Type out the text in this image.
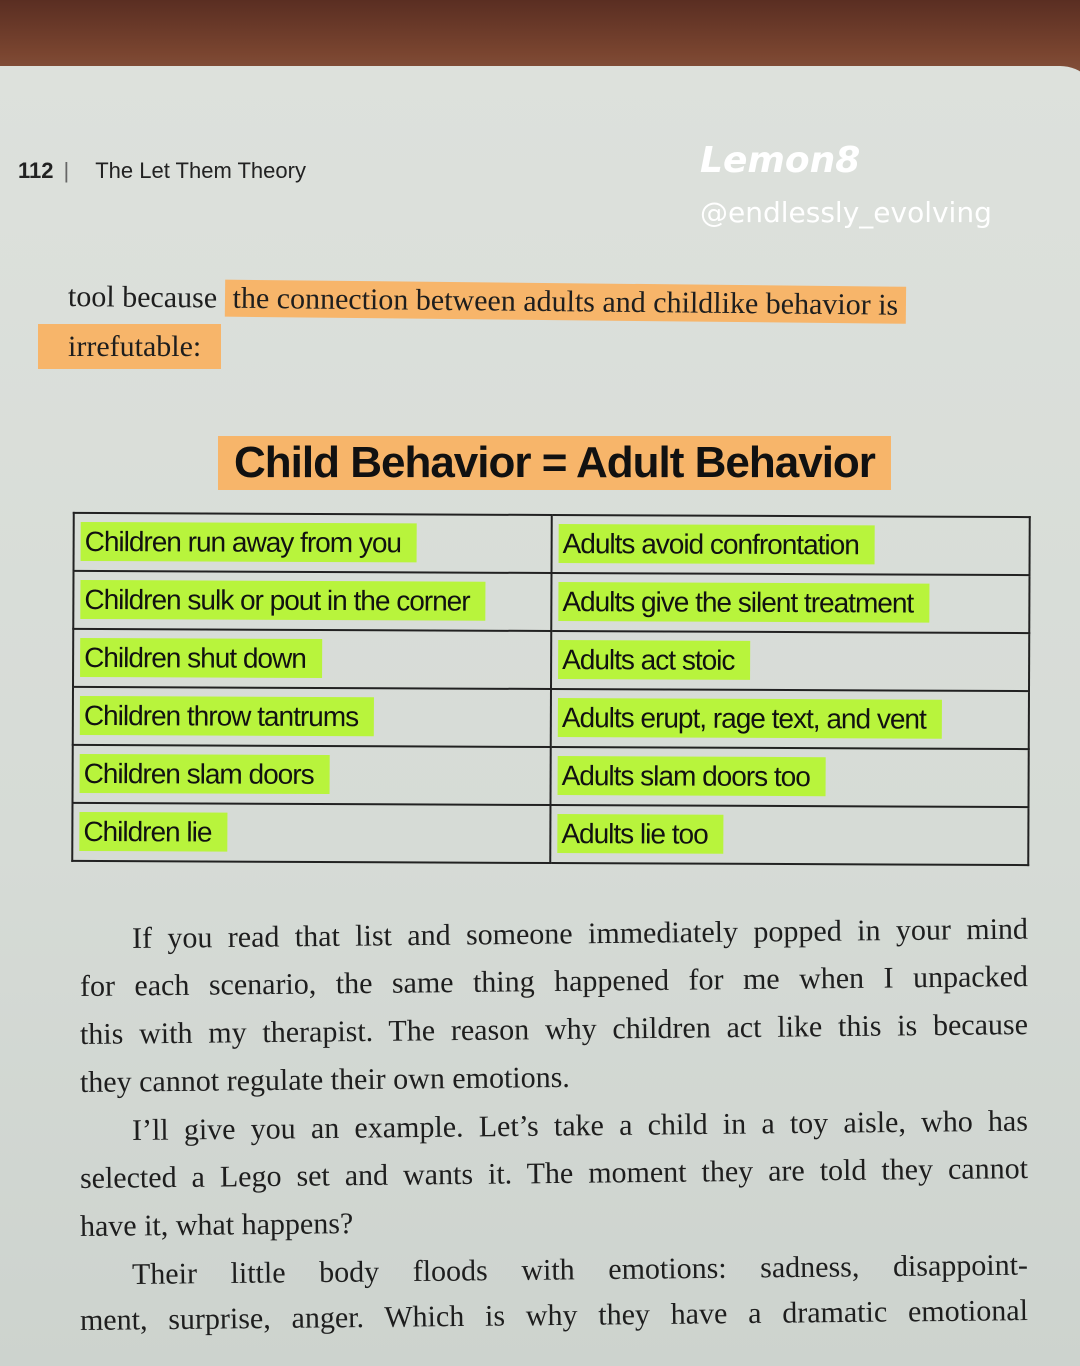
112 | The Let Them Theory
tool because the connection between adults and childlike behavior is
irrefutable:
Child Behavior = Adult Behavior
Children run away from you	Adults avoid confrontation
Children sulk or pout in the corner	Adults give the silent treatment
Children shut down	Adults act stoic
Children throw tantrums	Adults erupt, rage text, and vent
Children slam doors	Adults slam doors too
Children lie	Adults lie too
If you read that list and someone immediately popped in your mind
for each scenario, the same thing happened for me when I unpacked
this with my therapist. The reason why children act like this is because
they cannot regulate their own emotions.
I’ll give you an example. Let’s take a child in a toy aisle, who has
selected a Lego set and wants it. The moment they are told they cannot
have it, what happens?
Their little body floods with emotions: sadness, disappoint-
ment, surprise, anger. Which is why they have a dramatic emotional
Lemon8
@endlessly_evolving
